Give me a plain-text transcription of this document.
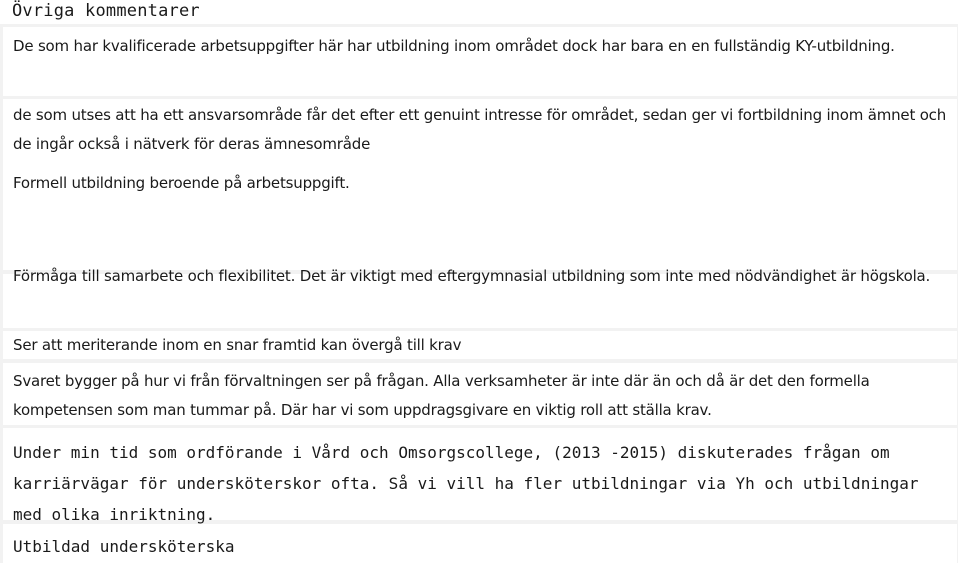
Övriga kommentarer

De som har kvalificerade arbetsuppgifter här har utbildning inom området dock har bara en en fullständig KY-utbildning.

de som utses att ha ett ansvarsområde får det efter ett genuint intresse för området, sedan ger vi fortbildning inom ämnet och de ingår också i nätverk för deras ämnesområde

Formell utbildning beroende på arbetsuppgift.

Förmåga till samarbete och flexibilitet. Det är viktigt med eftergymnasial utbildning som inte med nödvändighet är högskola.

Ser att meriterande inom en snar framtid kan övergå till krav

Svaret bygger på hur vi från förvaltningen ser på frågan. Alla verksamheter är inte där än och då är det den formella kompetensen som man tummar på. Där har vi som uppdragsgivare en viktig roll att ställa krav.

Under min tid som ordförande i Vård och Omsorgscollege, (2013 -2015) diskuterades frågan om karriärvägar för undersköterskor ofta. Så vi vill ha fler utbildningar via Yh och utbildningar med olika inriktning.

Utbildad undersköterska
